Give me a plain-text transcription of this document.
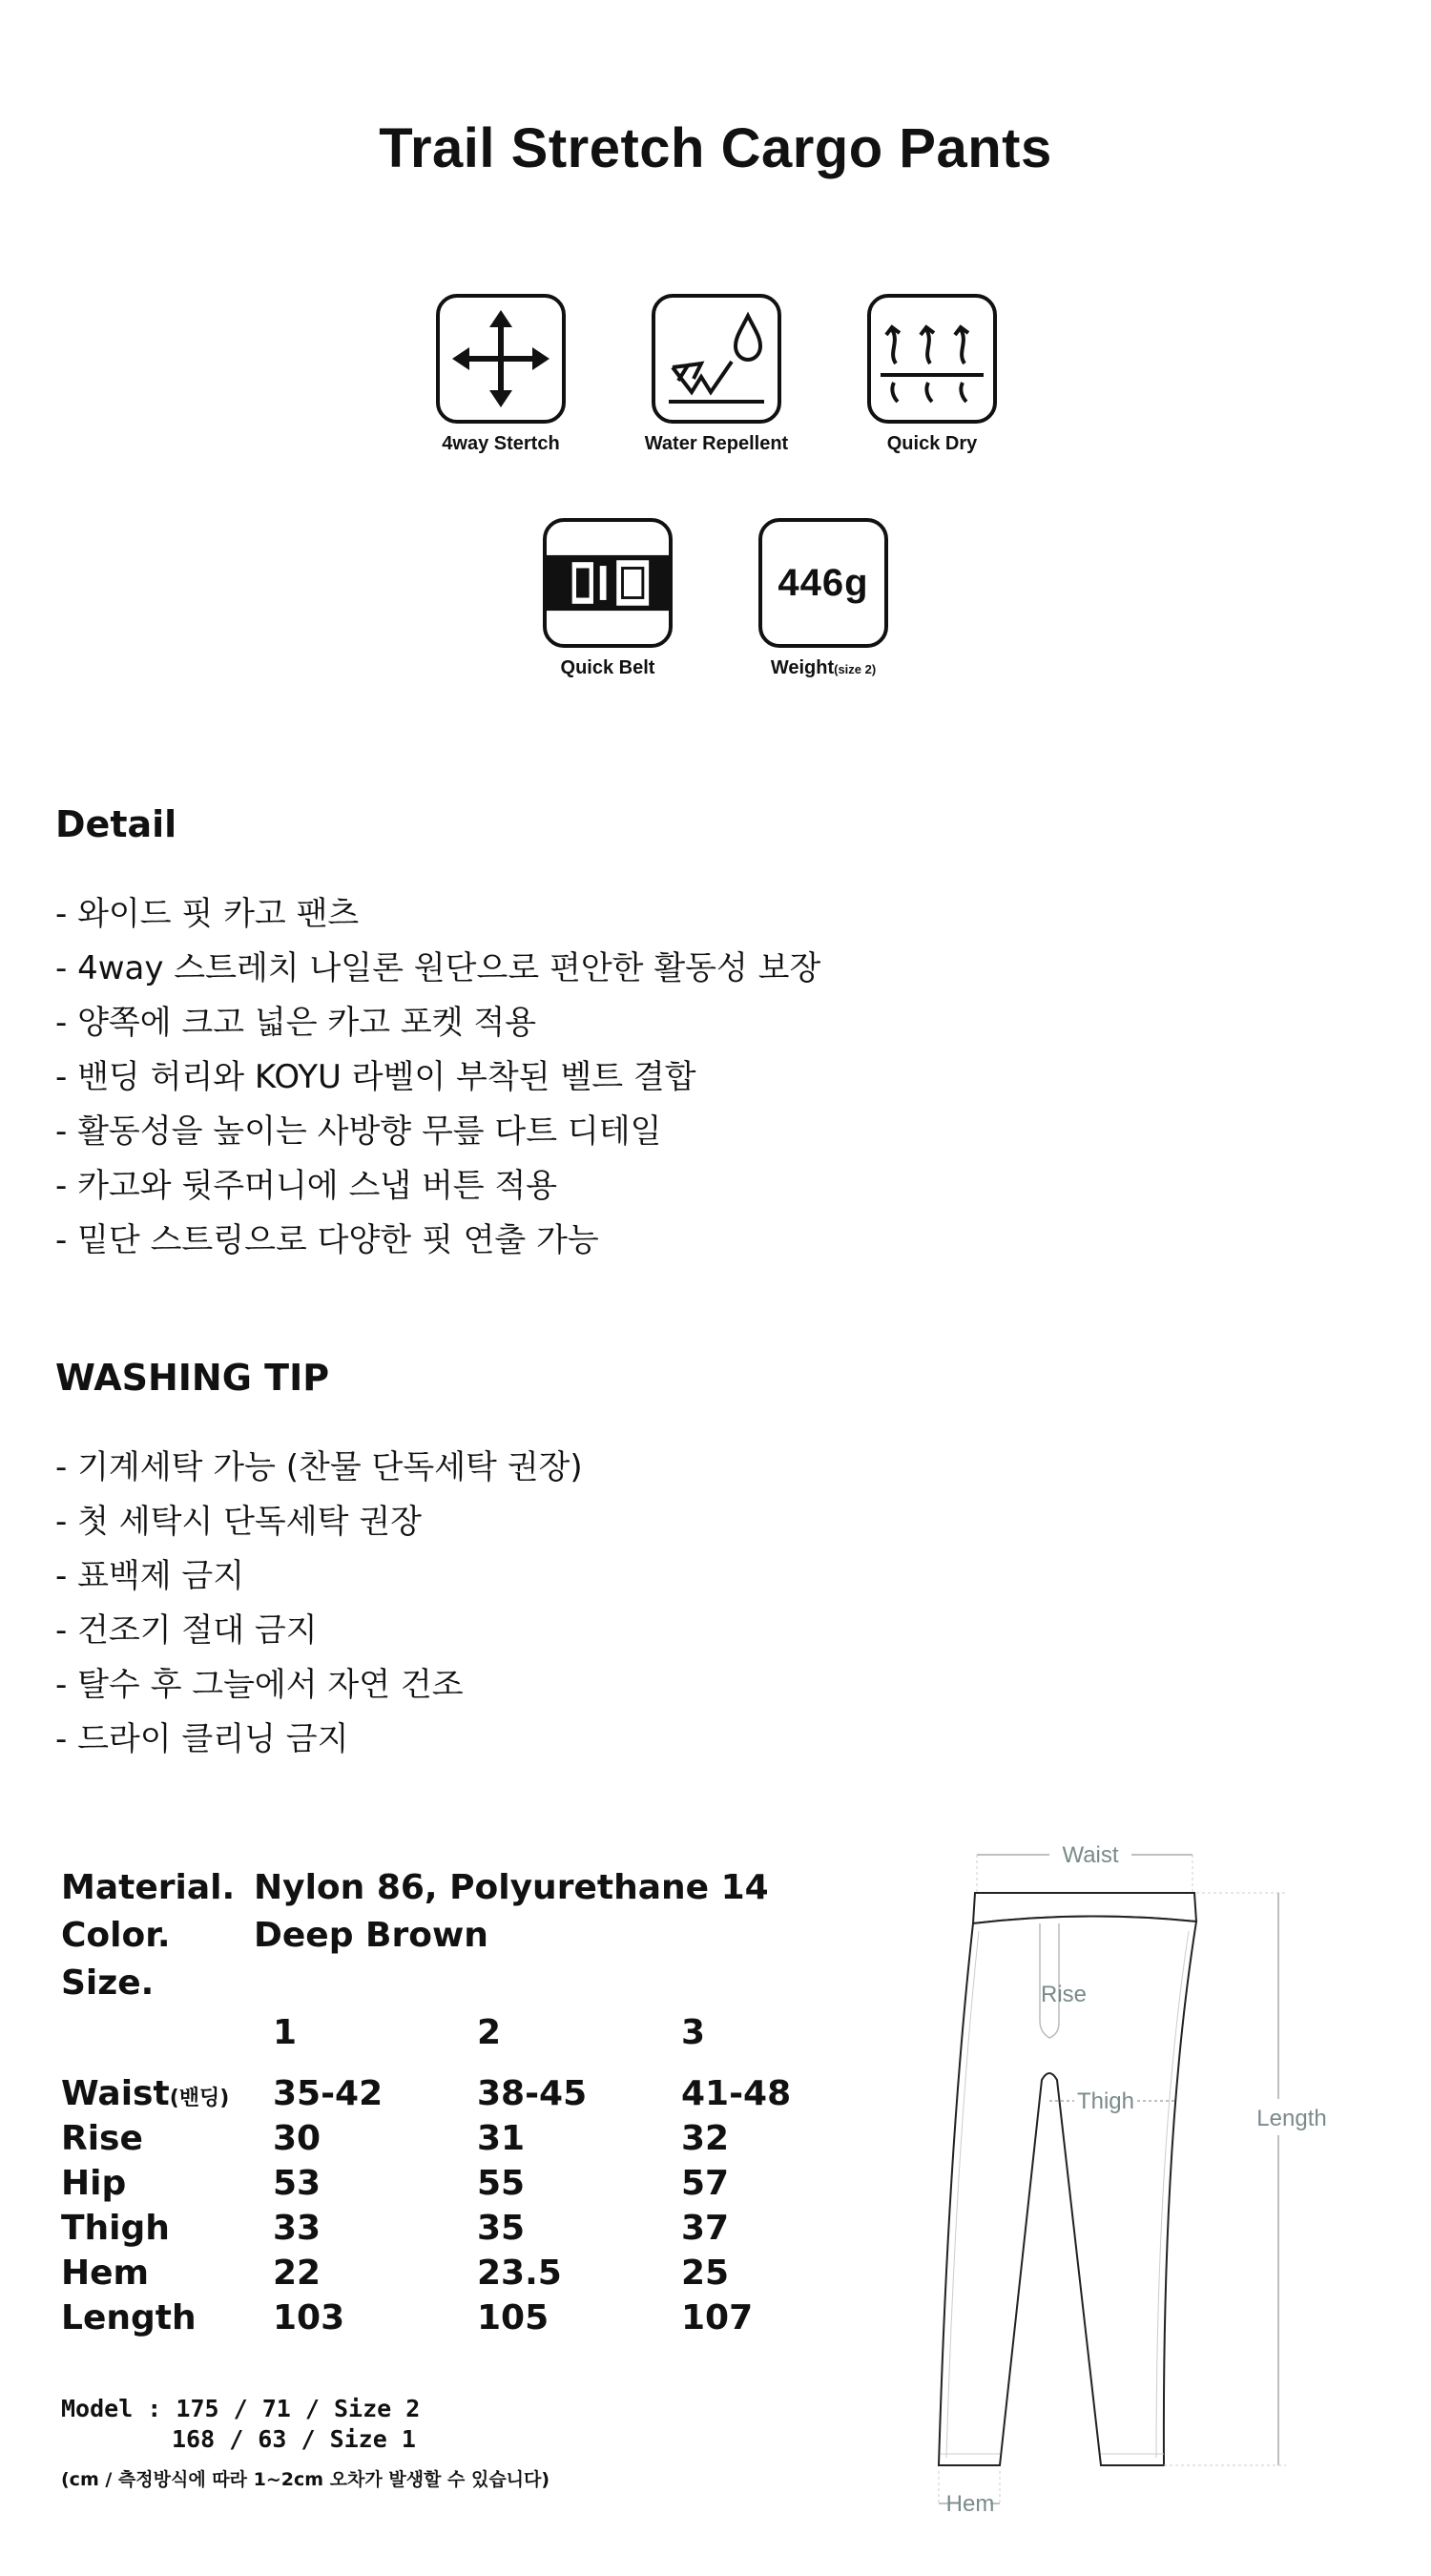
Trail Stretch Cargo Pants
4way Stertch	Water Repellent	Quick Dry
Quick Belt
446g
Weight(size 2)
Detail
- 와이드 핏 카고 팬츠
- 4way 스트레치 나일론 원단으로 편안한 활동성 보장
- 양쪽에 크고 넓은 카고 포켓 적용
- 밴딩 허리와 KOYU 라벨이 부착된 벨트 결합
- 활동성을 높이는 사방향 무릎 다트 디테일
- 카고와 뒷주머니에 스냅 버튼 적용
- 밑단 스트링으로 다양한 핏 연출 가능
WASHING TIP
- 기계세탁 가능 (찬물 단독세탁 권장)
- 첫 세탁시 단독세탁 권장
- 표백제 금지
- 건조기 절대 금지
- 탈수 후 그늘에서 자연 건조
- 드라이 클리닝 금지
Material. Nylon 86, Polyurethane 14
Color.	Deep Brown
Size.
1	2	3
Waist(밴딩) 35-42	38-45	41-48
Rise	30	31	32
Hip	53	55	57
Thigh	33	35	37
Hem	22	23.5	25
Length 103	105	107
Model : 175 / 71 / Size 2
168 / 63 / Size 1
(cm / 측정방식에 따라 1~2cm 오차가 발생할 수 있습니다)
Waist
Rise
Thigh
Length
Hem
